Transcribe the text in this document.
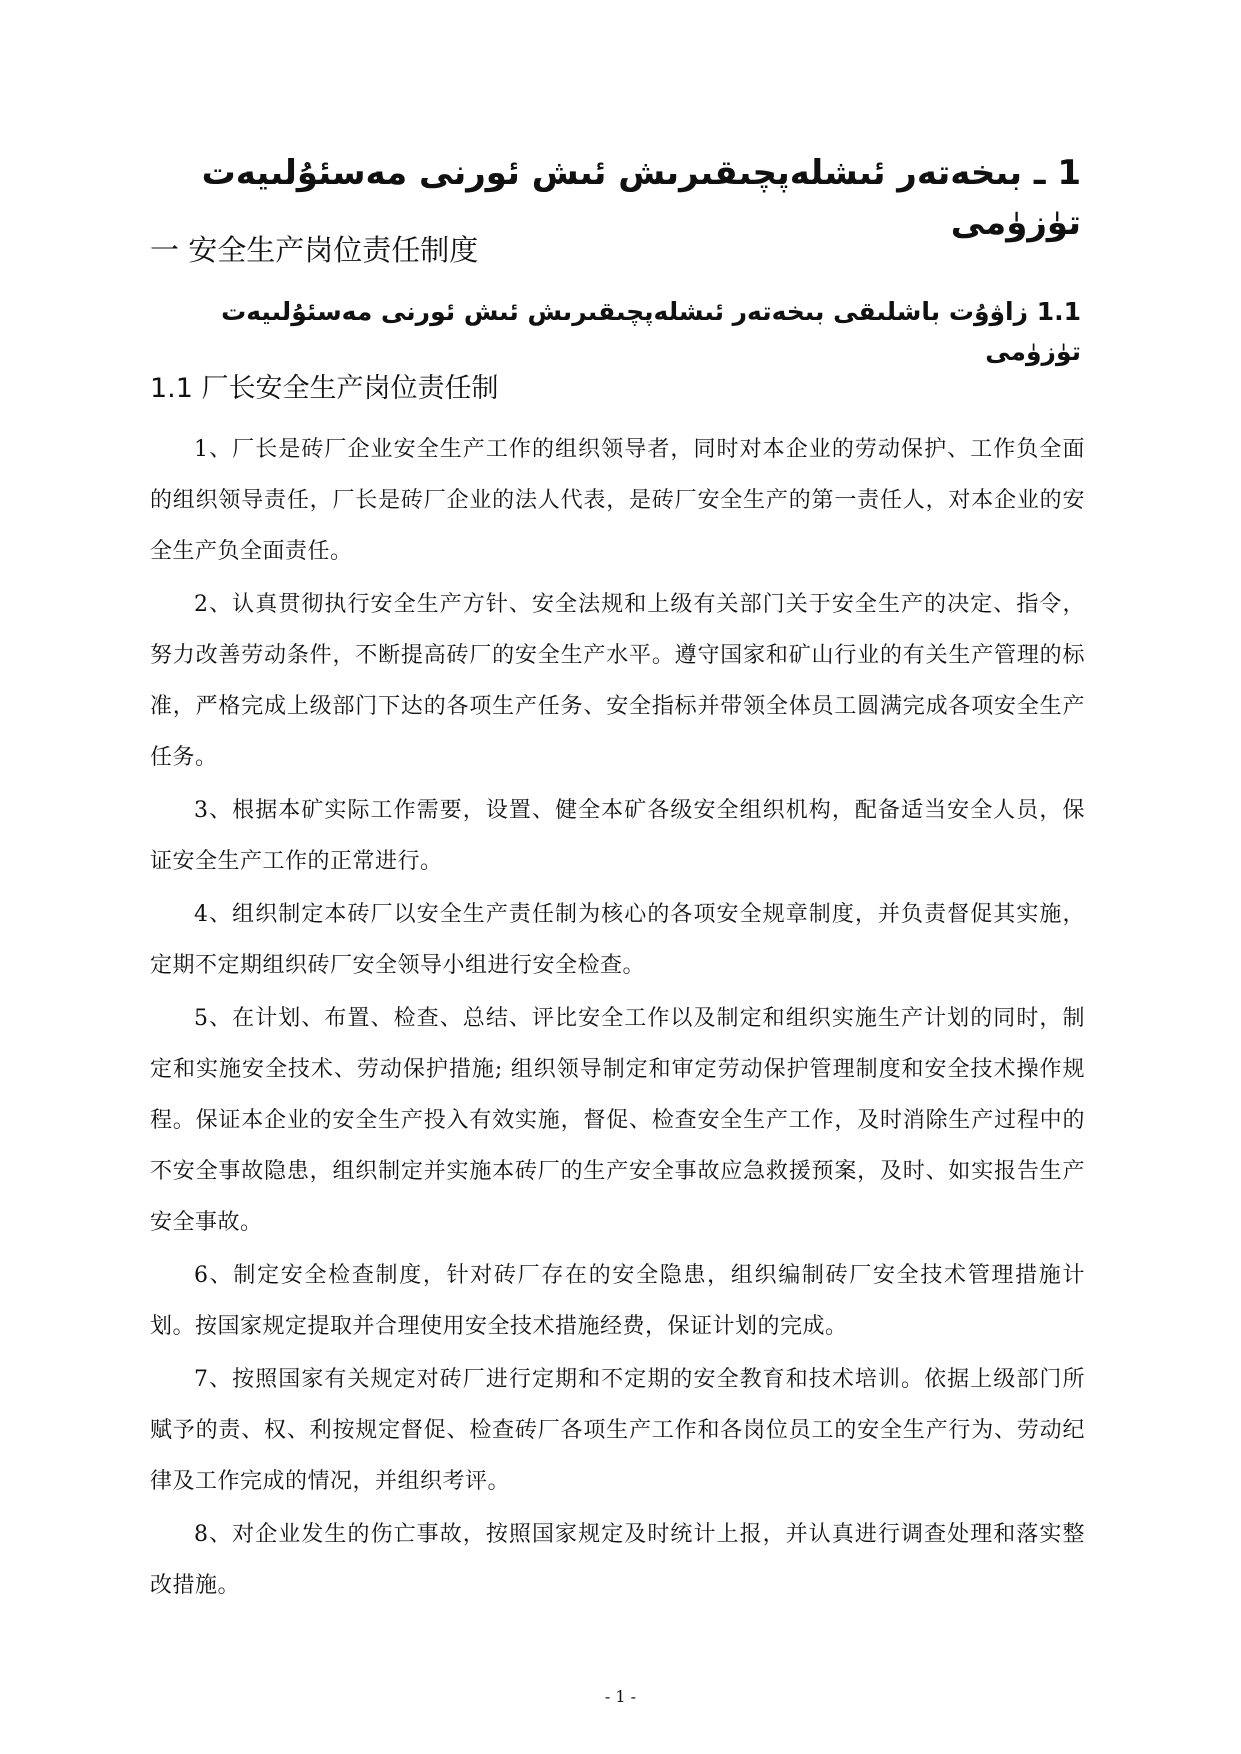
1 ـ بىخەتەر ئىشلەپچىقىرىش ئىش ئورنى مەسئۇلىيەت تۈزۈمى
一 安全生产岗位责任制度
1.1 زاۋۇت باشلىقى بىخەتەر ئىشلەپچىقىرىش ئىش ئورنى مەسئۇلىيەت تۈزۈمى
1.1 厂长安全生产岗位责任制

1、厂长是砖厂企业安全生产工作的组织领导者，同时对本企业的劳动保护、工作负全面的组织领导责任，厂长是砖厂企业的法人代表，是砖厂安全生产的第一责任人，对本企业的安全生产负全面责任。

2、认真贯彻执行安全生产方针、安全法规和上级有关部门关于安全生产的决定、指令，努力改善劳动条件，不断提高砖厂的安全生产水平。遵守国家和矿山行业的有关生产管理的标准，严格完成上级部门下达的各项生产任务、安全指标并带领全体员工圆满完成各项安全生产任务。

3、根据本矿实际工作需要，设置、健全本矿各级安全组织机构，配备适当安全人员，保证安全生产工作的正常进行。

4、组织制定本砖厂以安全生产责任制为核心的各项安全规章制度，并负责督促其实施，定期不定期组织砖厂安全领导小组进行安全检查。

5、在计划、布置、检查、总结、评比安全工作以及制定和组织实施生产计划的同时，制定和实施安全技术、劳动保护措施; 组织领导制定和审定劳动保护管理制度和安全技术操作规程。保证本企业的安全生产投入有效实施，督促、检查安全生产工作，及时消除生产过程中的不安全事故隐患，组织制定并实施本砖厂的生产安全事故应急救援预案，及时、如实报告生产安全事故。

6、制定安全检查制度，针对砖厂存在的安全隐患，组织编制砖厂安全技术管理措施计划。按国家规定提取并合理使用安全技术措施经费，保证计划的完成。

7、按照国家有关规定对砖厂进行定期和不定期的安全教育和技术培训。依据上级部门所赋予的责、权、利按规定督促、检查砖厂各项生产工作和各岗位员工的安全生产行为、劳动纪律及工作完成的情况，并组织考评。

8、对企业发生的伤亡事故，按照国家规定及时统计上报，并认真进行调查处理和落实整改措施。

- 1 -
